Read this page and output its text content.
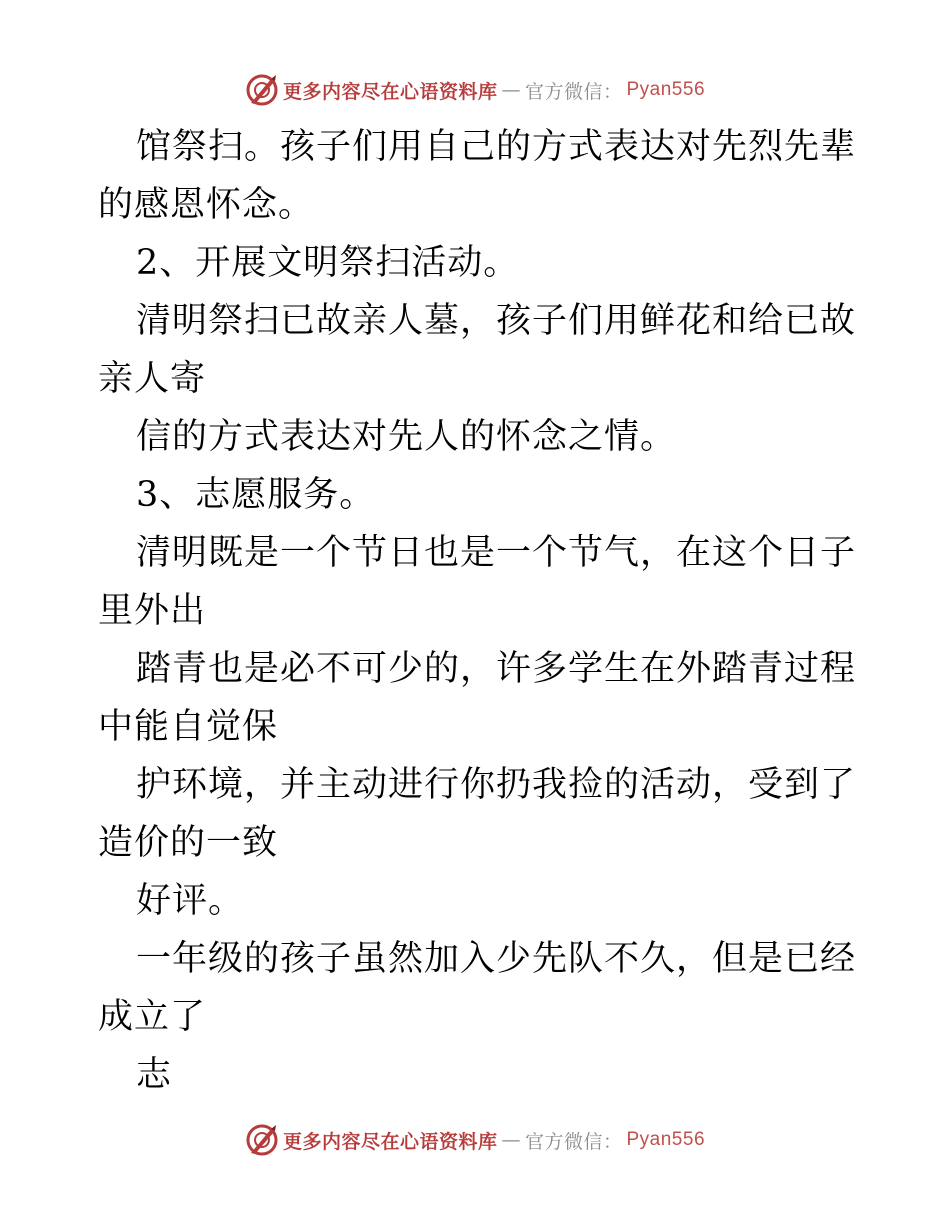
更多内容尽在心语资料库 — 官方微信： Pyan556

馆祭扫。孩子们用自己的方式表达对先烈先辈的感恩怀念。

2、开展文明祭扫活动。

清明祭扫已故亲人墓，孩子们用鲜花和给已故亲人寄

信的方式表达对先人的怀念之情。

3、志愿服务。

清明既是一个节日也是一个节气，在这个日子里外出

踏青也是必不可少的，许多学生在外踏青过程中能自觉保

护环境，并主动进行你扔我捡的活动，受到了造价的一致

好评。

一年级的孩子虽然加入少先队不久，但是已经成立了

志

更多内容尽在心语资料库 — 官方微信： Pyan556
